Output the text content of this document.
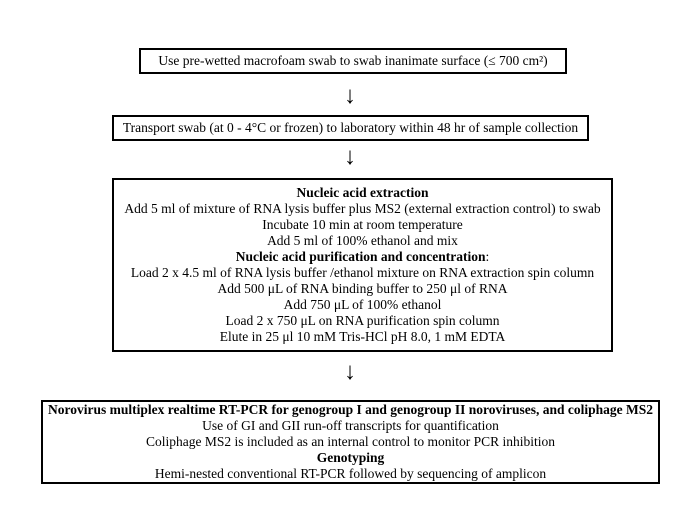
Use pre-wetted macrofoam swab to swab inanimate surface (≤ 700 cm²)
↓
Transport swab (at 0 - 4°C or frozen) to laboratory within 48 hr of sample collection
↓
Nucleic acid extraction
Add 5 ml of mixture of RNA lysis buffer plus MS2 (external extraction control) to swab
Incubate 10 min at room temperature
Add 5 ml of 100% ethanol and mix
Nucleic acid purification and concentration:
Load 2 x 4.5 ml of RNA lysis buffer /ethanol mixture on RNA extraction spin column
Add 500 μL of RNA binding buffer to 250 μl of RNA
Add 750 μL of 100% ethanol
Load 2 x 750 μL on RNA purification spin column
Elute in 25 μl 10 mM Tris-HCl pH 8.0, 1 mM EDTA
↓
Norovirus multiplex realtime RT-PCR for genogroup I and genogroup II noroviruses, and coliphage MS2
Use of GI and GII run-off transcripts for quantification
Coliphage MS2 is included as an internal control to monitor PCR inhibition
Genotyping
Hemi-nested conventional RT-PCR followed by sequencing of amplicon
